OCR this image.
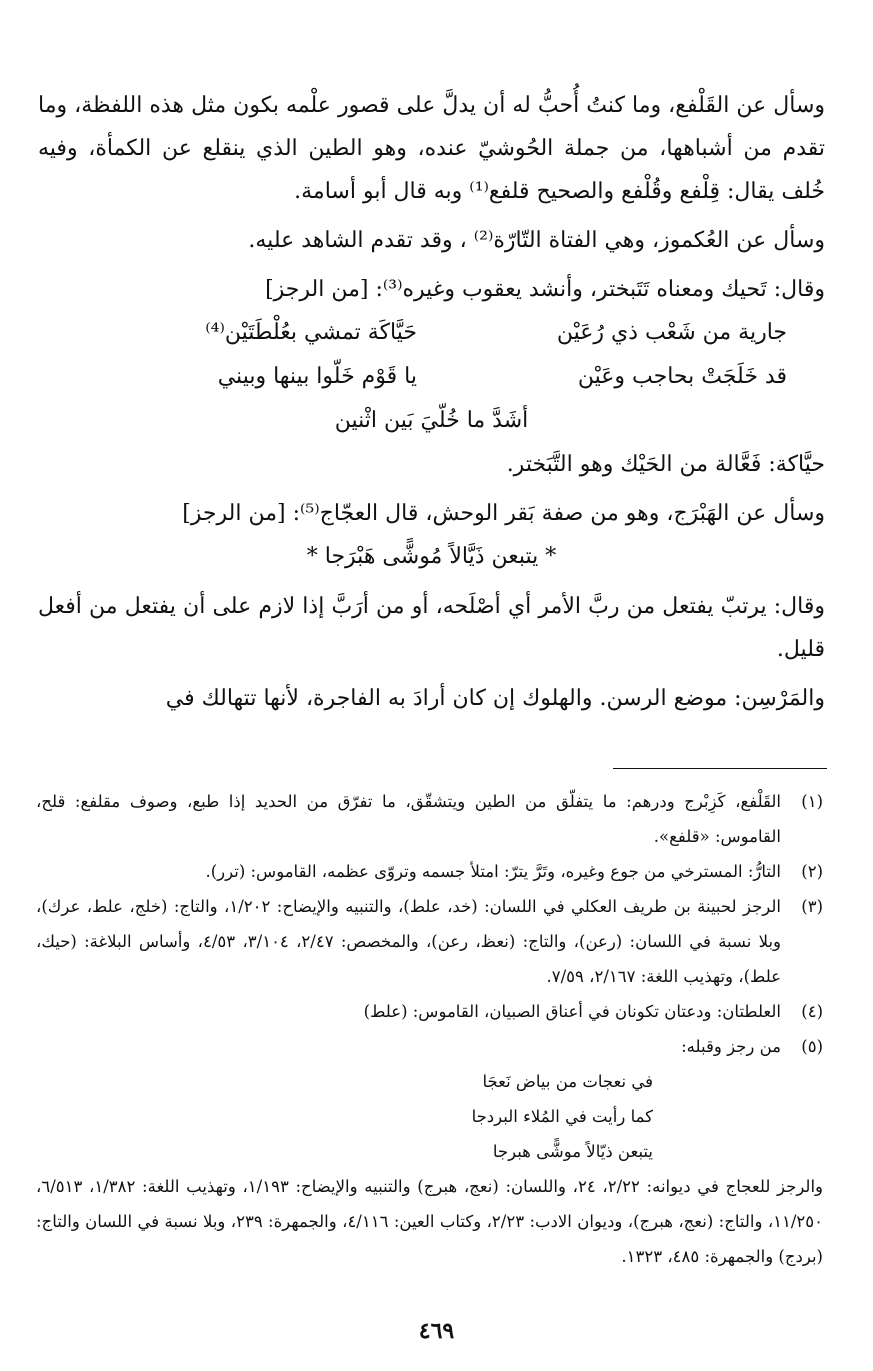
وسأل عن القَلْفع، وما كنتُ أُحبُّ له أن يدلَّ على قصور علْمه بكون مثل هذه اللفظة، وما تقدم من أشباهها، من جملة الحُوشيّ عنده، وهو الطين الذي ينقلع عن الكمأة، وفيه خُلف يقال: قِلْفع وقُلْفع والصحيح قلفع⁽¹⁾ وبه قال أبو أسامة.

وسأل عن العُكموز، وهي الفتاة التّارّة⁽²⁾ ، وقد تقدم الشاهد عليه.

وقال: تَحيك ومعناه تَتَبختر، وأنشد يعقوب وغيره⁽³⁾: [من الرجز]

جارية من شَعْب ذي رُعَيْن
حَيَّاكَة تمشي بعُلْطَتَيْن⁽⁴⁾
قد خَلَجَتْ بحاجب وعَيْن
يا قَوْم خَلّوا بينها وبيني
أشَدَّ ما خُلّيَ بَين اثْنين

حيَّاكة: فَعَّالة من الحَيْك وهو التَّبَختر.

وسأل عن الهَبْرَج، وهو من صفة بَقر الوحش، قال العجّاج⁽⁵⁾: [من الرجز]

* يتبعن ذَيَّالاً مُوشًّى هَبْرَجا *

وقال: يرتبّ يفتعل من ربَّ الأمر أي أصْلَحه، أو من أرَبَّ إذا لازم على أن يفتعل من أفعل قليل.

والمَرْسِن: موضع الرسن. والهلوك إن كان أرادَ به الفاجرة، لأنها تتهالك في

(١)
القَلْفع، كَزِبْرج ودرهم: ما يتفلّق من الطين ويتشقّق، ما تفرّق من الحديد إذا طبع، وصوف مقلفع: قلح، القاموس: «قلفع».
(٢)
التارُّ: المسترخي من جوع وغيره، وتَرَّ يترّ: امتلأ جسمه وتروّى عظمه، القاموس: (ترر).
(٣)
الرجز لحبينة بن طريف العكلي في اللسان: (خد، علط)، والتنبيه والإيضاح: ١/٢٠٢، والتاج: (خلج، علط، عرك)، وبلا نسبة في اللسان: (رعن)، والتاج: (نعظ، رعن)، والمخصص: ٢/٤٧، ٣/١٠٤، ٤/٥٣، وأساس البلاغة: (حيك، علط)، وتهذيب اللغة: ٢/١٦٧، ٧/٥٩.
(٤)
العلطتان: ودعتان تكونان في أعناق الصبيان، القاموس: (علط)
(٥)
من رجز وقبله:
في نعجات من بياض نَعجَا
كما رأيت في المُلاء البردجا
يتبعن ذيّالاً موشًّى هبرجا
والرجز للعجاج في ديوانه: ٢/٢٢، ٢٤، واللسان: (نعج، هبرج) والتنبيه والإيضاح: ١/١٩٣، وتهذيب اللغة: ١/٣٨٢، ٦/٥١٣، ١١/٢٥٠، والتاج: (نعج، هبرج)، وديوان الادب: ٢/٢٣، وكتاب العين: ٤/١١٦، والجمهرة: ٢٣٩، وبلا نسبة في اللسان والتاج: (بردج) والجمهرة: ٤٨٥، ١٣٢٣.
٤٦٩
